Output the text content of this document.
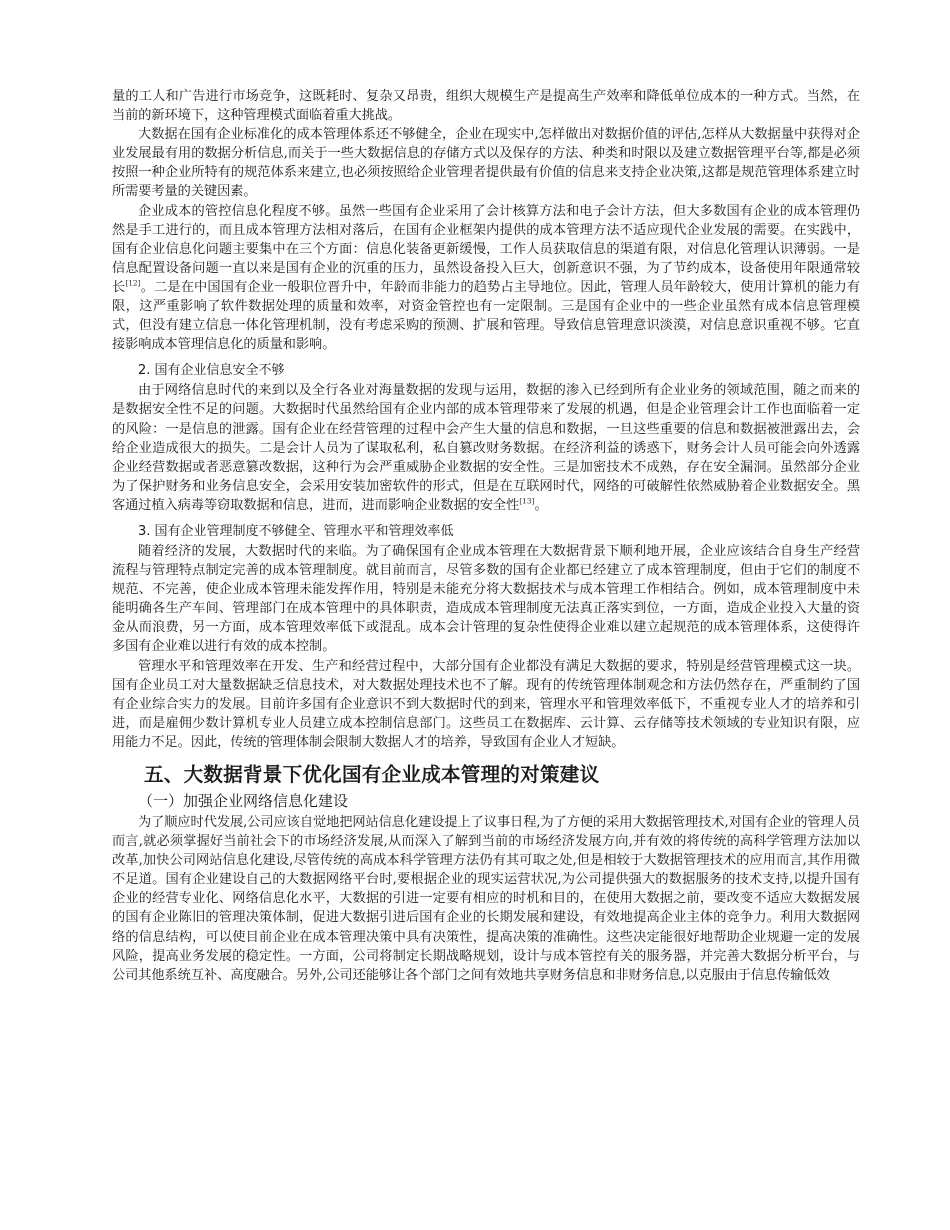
量的工人和广告进行市场竞争，这既耗时、复杂又昂贵，组织大规模生产是提高生产效率和降低单位成本的一种方式。当然，在当前的新环境下，这种管理模式面临着重大挑战。

大数据在国有企业标准化的成本管理体系还不够健全，企业在现实中,怎样做出对数据价值的评估,怎样从大数据量中获得对企业发展最有用的数据分析信息,而关于一些大数据信息的存储方式以及保存的方法、种类和时限以及建立数据管理平台等,都是必须按照一种企业所特有的规范体系来建立,也必须按照给企业管理者提供最有价值的信息来支持企业决策,这都是规范管理体系建立时所需要考量的关键因素。

企业成本的管控信息化程度不够。虽然一些国有企业采用了会计核算方法和电子会计方法，但大多数国有企业的成本管理仍然是手工进行的，而且成本管理方法相对落后，在国有企业框架内提供的成本管理方法不适应现代企业发展的需要。在实践中，国有企业信息化问题主要集中在三个方面：信息化装备更新缓慢，工作人员获取信息的渠道有限，对信息化管理认识薄弱。一是信息配置设备问题一直以来是国有企业的沉重的压力，虽然设备投入巨大，创新意识不强，为了节约成本，设备使用年限通常较长[12]。二是在中国国有企业一般职位晋升中，年龄而非能力的趋势占主导地位。因此，管理人员年龄较大，使用计算机的能力有限，这严重影响了软件数据处理的质量和效率，对资金管控也有一定限制。三是国有企业中的一些企业虽然有成本信息管理模式，但没有建立信息一体化管理机制，没有考虑采购的预测、扩展和管理。导致信息管理意识淡漠，对信息意识重视不够。它直接影响成本管理信息化的质量和影响。

2. 国有企业信息安全不够

由于网络信息时代的来到以及全行各业对海量数据的发现与运用，数据的渗入已经到所有企业业务的领域范围，随之而来的是数据安全性不足的问题。大数据时代虽然给国有企业内部的成本管理带来了发展的机遇，但是企业管理会计工作也面临着一定的风险：一是信息的泄露。国有企业在经营管理的过程中会产生大量的信息和数据，一旦这些重要的信息和数据被泄露出去，会给企业造成很大的损失。二是会计人员为了谋取私利，私自篡改财务数据。在经济利益的诱惑下，财务会计人员可能会向外透露企业经营数据或者恶意篡改数据，这种行为会严重威胁企业数据的安全性。三是加密技术不成熟，存在安全漏洞。虽然部分企业为了保护财务和业务信息安全，会采用安装加密软件的形式，但是在互联网时代，网络的可破解性依然威胁着企业数据安全。黑客通过植入病毒等窃取数据和信息，进而，进而影响企业数据的安全性[13]。

3. 国有企业管理制度不够健全、管理水平和管理效率低

随着经济的发展，大数据时代的来临。为了确保国有企业成本管理在大数据背景下顺利地开展，企业应该结合自身生产经营流程与管理特点制定完善的成本管理制度。就目前而言，尽管多数的国有企业都已经建立了成本管理制度，但由于它们的制度不规范、不完善，使企业成本管理未能发挥作用，特别是未能充分将大数据技术与成本管理工作相结合。例如，成本管理制度中未能明确各生产车间、管理部门在成本管理中的具体职责，造成成本管理制度无法真正落实到位，一方面，造成企业投入大量的资金从而浪费，另一方面，成本管理效率低下或混乱。成本会计管理的复杂性使得企业难以建立起规范的成本管理体系，这使得许多国有企业难以进行有效的成本控制。

管理水平和管理效率在开发、生产和经营过程中，大部分国有企业都没有满足大数据的要求，特别是经营管理模式这一块。国有企业员工对大量数据缺乏信息技术，对大数据处理技术也不了解。现有的传统管理体制观念和方法仍然存在，严重制约了国有企业综合实力的发展。目前许多国有企业意识不到大数据时代的到来，管理水平和管理效率低下，不重视专业人才的培养和引进，而是雇佣少数计算机专业人员建立成本控制信息部门。这些员工在数据库、云计算、云存储等技术领域的专业知识有限，应用能力不足。因此，传统的管理体制会限制大数据人才的培养，导致国有企业人才短缺。

五、大数据背景下优化国有企业成本管理的对策建议
（一）加强企业网络信息化建设

为了顺应时代发展,公司应该自觉地把网站信息化建设提上了议事日程,为了方便的采用大数据管理技术,对国有企业的管理人员而言,就必须掌握好当前社会下的市场经济发展,从而深入了解到当前的市场经济发展方向,并有效的将传统的高科学管理方法加以改革,加快公司网站信息化建设,尽管传统的高成本科学管理方法仍有其可取之处,但是相较于大数据管理技术的应用而言,其作用微不足道。国有企业建设自己的大数据网络平台时,要根据企业的现实运营状况,为公司提供强大的数据服务的技术支持,以提升国有企业的经营专业化、网络信息化水平，大数据的引进一定要有相应的时机和目的，在使用大数据之前，要改变不适应大数据发展的国有企业陈旧的管理决策体制，促进大数据引进后国有企业的长期发展和建设，有效地提高企业主体的竞争力。利用大数据网络的信息结构，可以使目前企业在成本管理决策中具有决策性，提高决策的准确性。这些决定能很好地帮助企业规避一定的发展风险，提高业务发展的稳定性。一方面，公司将制定长期战略规划，设计与成本管控有关的服务器，并完善大数据分析平台，与公司其他系统互补、高度融合。另外,公司还能够让各个部门之间有效地共享财务信息和非财务信息,以克服由于信息传输低效
